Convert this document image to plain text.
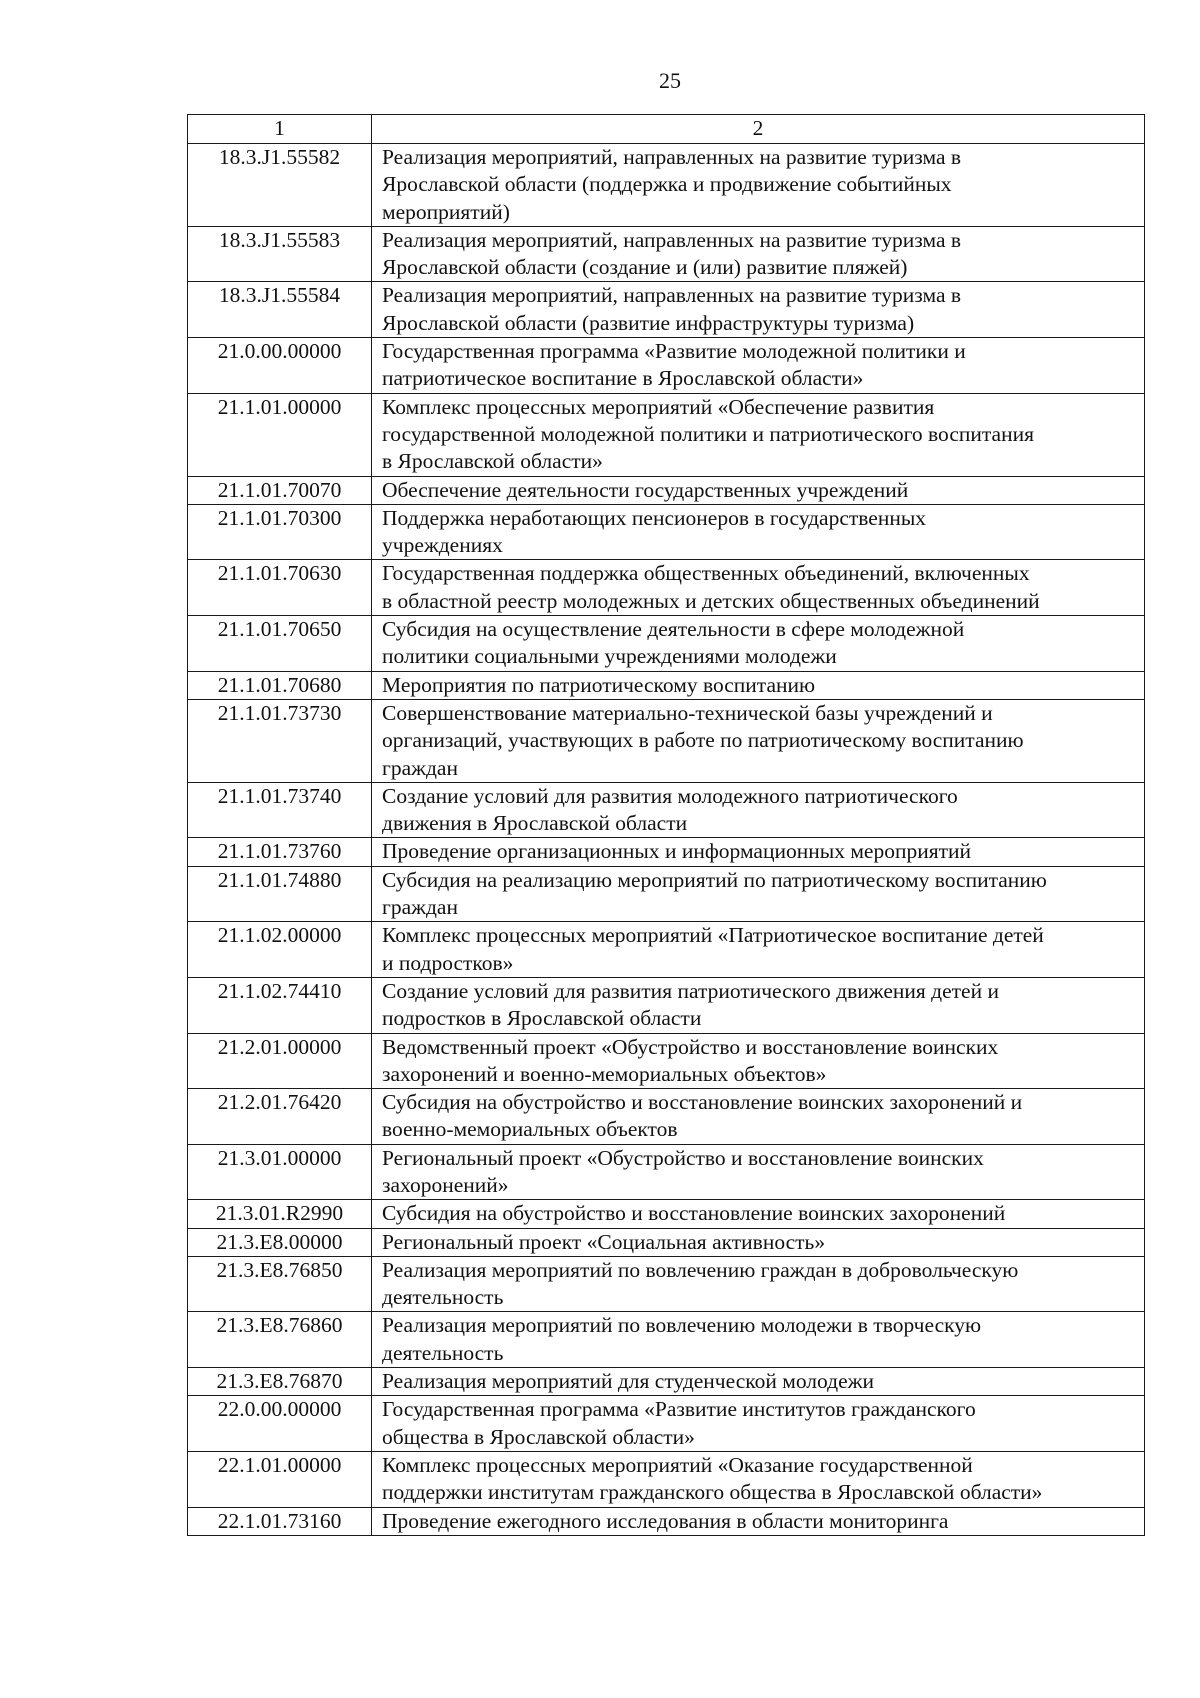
25
1	2
18.3.J1.55582	Реализация мероприятий, направленных на развитие туризма в
Ярославской области (поддержка и продвижение событийных
мероприятий)

18.3.J1.55583	Реализация мероприятий, направленных на развитие туризма в
Ярославской области (создание и (или) развитие пляжей)

18.3.J1.55584	Реализация мероприятий, направленных на развитие туризма в
Ярославской области (развитие инфраструктуры туризма)

21.0.00.00000	Государственная программа «Развитие молодежной политики и
патриотическое воспитание в Ярославской области»

21.1.01.00000	Комплекс процессных мероприятий «Обеспечение развития
государственной молодежной политики и патриотического воспитания
в Ярославской области»

21.1.01.70070	Обеспечение деятельности государственных учреждений

21.1.01.70300	Поддержка неработающих пенсионеров в государственных
учреждениях

21.1.01.70630	Государственная поддержка общественных объединений, включенных
в областной реестр молодежных и детских общественных объединений

21.1.01.70650	Субсидия на осуществление деятельности в сфере молодежной
политики социальными учреждениями молодежи

21.1.01.70680	Мероприятия по патриотическому воспитанию

21.1.01.73730	Совершенствование материально-технической базы учреждений и
организаций, участвующих в работе по патриотическому воспитанию
граждан

21.1.01.73740	Создание условий для развития молодежного патриотического
движения в Ярославской области

21.1.01.73760	Проведение организационных и информационных мероприятий

21.1.01.74880	Субсидия на реализацию мероприятий по патриотическому воспитанию
граждан

21.1.02.00000	Комплекс процессных мероприятий «Патриотическое воспитание детей
и подростков»

21.1.02.74410	Создание условий для развития патриотического движения детей и
подростков в Ярославской области

21.2.01.00000	Ведомственный проект «Обустройство и восстановление воинских
захоронений и военно-мемориальных объектов»

21.2.01.76420	Субсидия на обустройство и восстановление воинских захоронений и
военно-мемориальных объектов

21.3.01.00000	Региональный проект «Обустройство и восстановление воинских
захоронений»

21.3.01.R2990	Субсидия на обустройство и восстановление воинских захоронений

21.3.E8.00000	Региональный проект «Социальная активность»

21.3.E8.76850	Реализация мероприятий по вовлечению граждан в добровольческую
деятельность

21.3.E8.76860	Реализация мероприятий по вовлечению молодежи в творческую
деятельность

21.3.E8.76870	Реализация мероприятий для студенческой молодежи

22.0.00.00000	Государственная программа «Развитие институтов гражданского
общества в Ярославской области»

22.1.01.00000	Комплекс процессных мероприятий «Оказание государственной
поддержки институтам гражданского общества в Ярославской области»

22.1.01.73160	Проведение ежегодного исследования в области мониторинга
